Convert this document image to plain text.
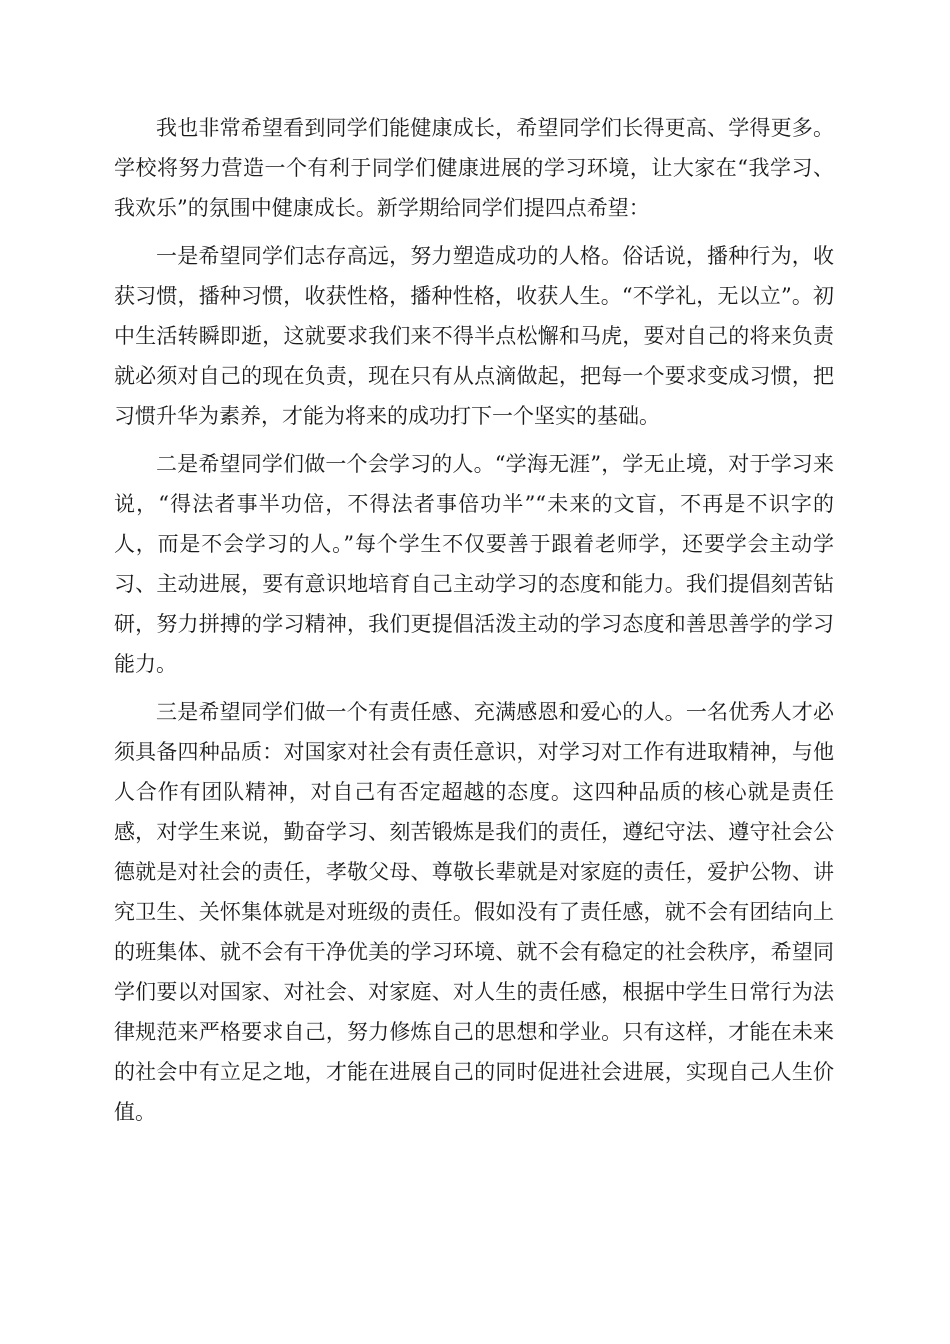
我也非常希望看到同学们能健康成长，希望同学们长得更高、学得更多。学校将努力营造一个有利于同学们健康进展的学习环境，让大家在“我学习、我欢乐”的氛围中健康成长。新学期给同学们提四点希望：

一是希望同学们志存高远，努力塑造成功的人格。俗话说，播种行为，收获习惯，播种习惯，收获性格，播种性格，收获人生。“不学礼，无以立”。初中生活转瞬即逝，这就要求我们来不得半点松懈和马虎，要对自己的将来负责就必须对自己的现在负责，现在只有从点滴做起，把每一个要求变成习惯，把习惯升华为素养，才能为将来的成功打下一个坚实的基础。

二是希望同学们做一个会学习的人。“学海无涯”，学无止境，对于学习来说，“得法者事半功倍，不得法者事倍功半”“未来的文盲，不再是不识字的人，而是不会学习的人。”每个学生不仅要善于跟着老师学，还要学会主动学习、主动进展，要有意识地培育自己主动学习的态度和能力。我们提倡刻苦钻研，努力拼搏的学习精神，我们更提倡活泼主动的学习态度和善思善学的学习能力。

三是希望同学们做一个有责任感、充满感恩和爱心的人。一名优秀人才必须具备四种品质：对国家对社会有责任意识，对学习对工作有进取精神，与他人合作有团队精神，对自己有否定超越的态度。这四种品质的核心就是责任感，对学生来说，勤奋学习、刻苦锻炼是我们的责任，遵纪守法、遵守社会公德就是对社会的责任，孝敬父母、尊敬长辈就是对家庭的责任，爱护公物、讲究卫生、关怀集体就是对班级的责任。假如没有了责任感，就不会有团结向上的班集体、就不会有干净优美的学习环境、就不会有稳定的社会秩序，希望同学们要以对国家、对社会、对家庭、对人生的责任感，根据中学生日常行为法律规范来严格要求自己，努力修炼自己的思想和学业。只有这样，才能在未来的社会中有立足之地，才能在进展自己的同时促进社会进展，实现自己人生价值。
